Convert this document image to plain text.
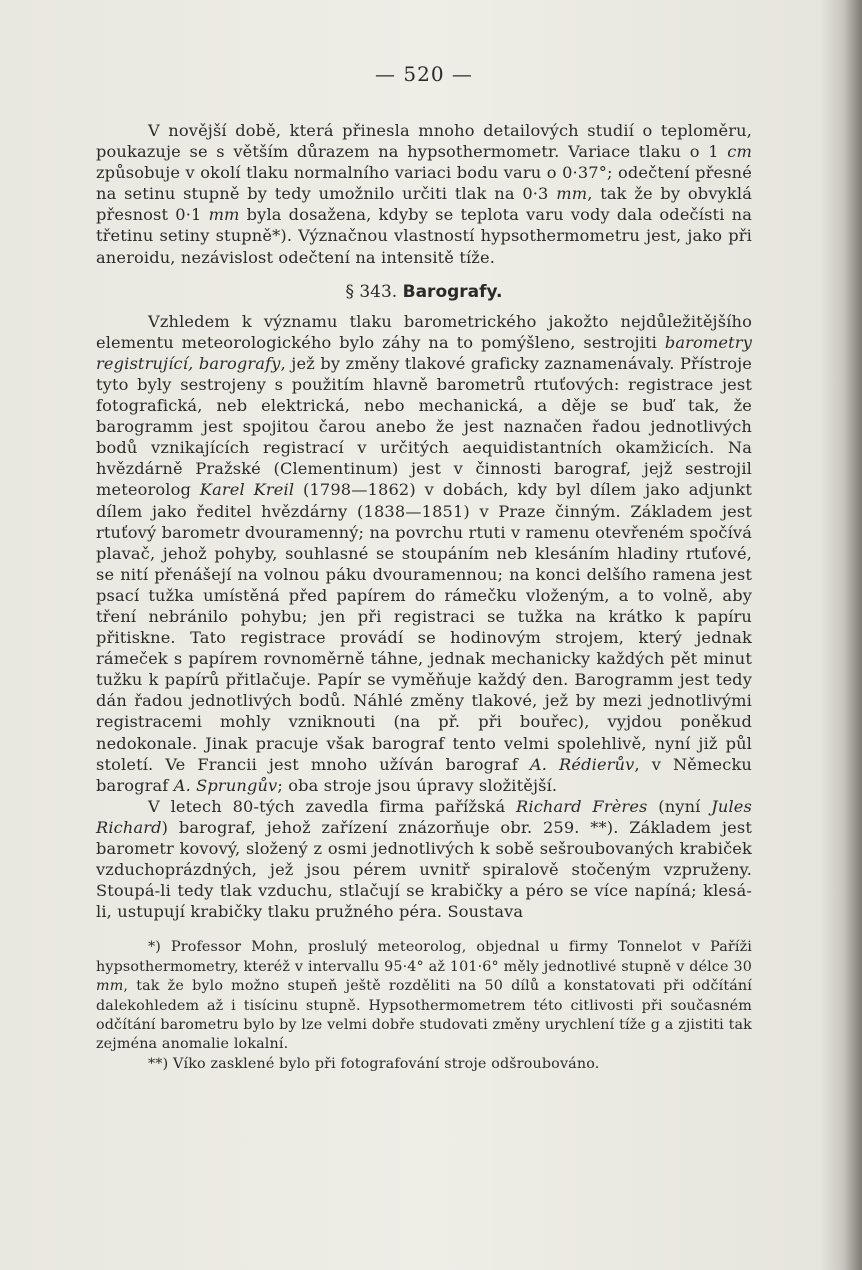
— 520 —

V novější době, která přinesla mnoho detailových studií o teploměru, poukazuje se s větším důrazem na hypsothermometr. Variace tlaku o 1 cm způsobuje v okolí tlaku normalního variaci bodu varu o 0·37°; odečtení přesné na setinu stupně by tedy umožnilo určiti tlak na 0·3 mm, tak že by obvyklá přesnost 0·1 mm byla dosažena, kdyby se teplota varu vody dala odečísti na třetinu setiny stupně*). Význačnou vlastností hypsothermometru jest, jako při aneroidu, nezávislost odečtení na intensitě tíže.

§ 343. Barografy.

Vzhledem k významu tlaku barometrického jakožto nejdůležitějšího elementu meteorologického bylo záhy na to pomýšleno, sestrojiti barometry registrující, barografy, jež by změny tlakové graficky zaznamenávaly. Přístroje tyto byly sestrojeny s použitím hlavně barometrů rtuťových: registrace jest fotografická, neb elektrická, nebo mechanická, a děje se buď tak, že barogramm jest spojitou čarou anebo že jest naznačen řadou jednotlivých bodů vznikajících registrací v určitých aequidistantních okamžicích. Na hvězdárně Pražské (Clementinum) jest v činnosti barograf, jejž sestrojil meteorolog Karel Kreil (1798—1862) v dobách, kdy byl dílem jako adjunkt dílem jako ředitel hvězdárny (1838—1851) v Praze činným. Základem jest rtuťový barometr dvouramenný; na povrchu rtuti v ramenu otevřeném spočívá plavač, jehož pohyby, souhlasné se stoupáním neb klesáním hladiny rtuťové, se nití přenášejí na volnou páku dvouramennou; na konci delšího ramena jest psací tužka umístěná před papírem do rámečku vloženým, a to volně, aby tření nebránilo pohybu; jen při registraci se tužka na krátko k papíru přitiskne. Tato registrace provádí se hodinovým strojem, který jednak rámeček s papírem rovnoměrně táhne, jednak mechanicky každých pět minut tužku k papírů přitlačuje. Papír se vyměňuje každý den. Barogramm jest tedy dán řadou jednotlivých bodů. Náhlé změny tlakové, jež by mezi jednotlivými registracemi mohly vzniknouti (na př. při bouřec), vyjdou poněkud nedokonale. Jinak pracuje však barograf tento velmi spolehlivě, nyní již půl století. Ve Francii jest mnoho užíván barograf A. Rédierův, v Německu barograf A. Sprungův; oba stroje jsou úpravy složitější.

V letech 80-tých zavedla firma pařížská Richard Frères (nyní Jules Richard) barograf, jehož zařízení znázorňuje obr. 259. **). Základem jest barometr kovový, složený z osmi jednotlivých k sobě sešroubovaných krabiček vzduchoprázdných, jež jsou pérem uvnitř spiralově stočeným vzpruženy. Stoupá-li tedy tlak vzduchu, stlačují se krabičky a péro se více napíná; klesá-li, ustupují krabičky tlaku pružného péra. Soustava

*) Professor Mohn, proslulý meteorolog, objednal u firmy Tonnelot v Paříži hypsothermometry, kteréž v intervallu 95·4° až 101·6° měly jednotlivé stupně v délce 30 mm, tak že bylo možno stupeň ještě rozděliti na 50 dílů a konstatovati při odčítání dalekohledem až i tisícinu stupně. Hypsothermometrem této citlivosti při současném odčítání barometru bylo by lze velmi dobře studovati změny urychlení tíže g a zjistiti tak zejména anomalie lokalní.

**) Víko zasklené bylo při fotografování stroje odšroubováno.
